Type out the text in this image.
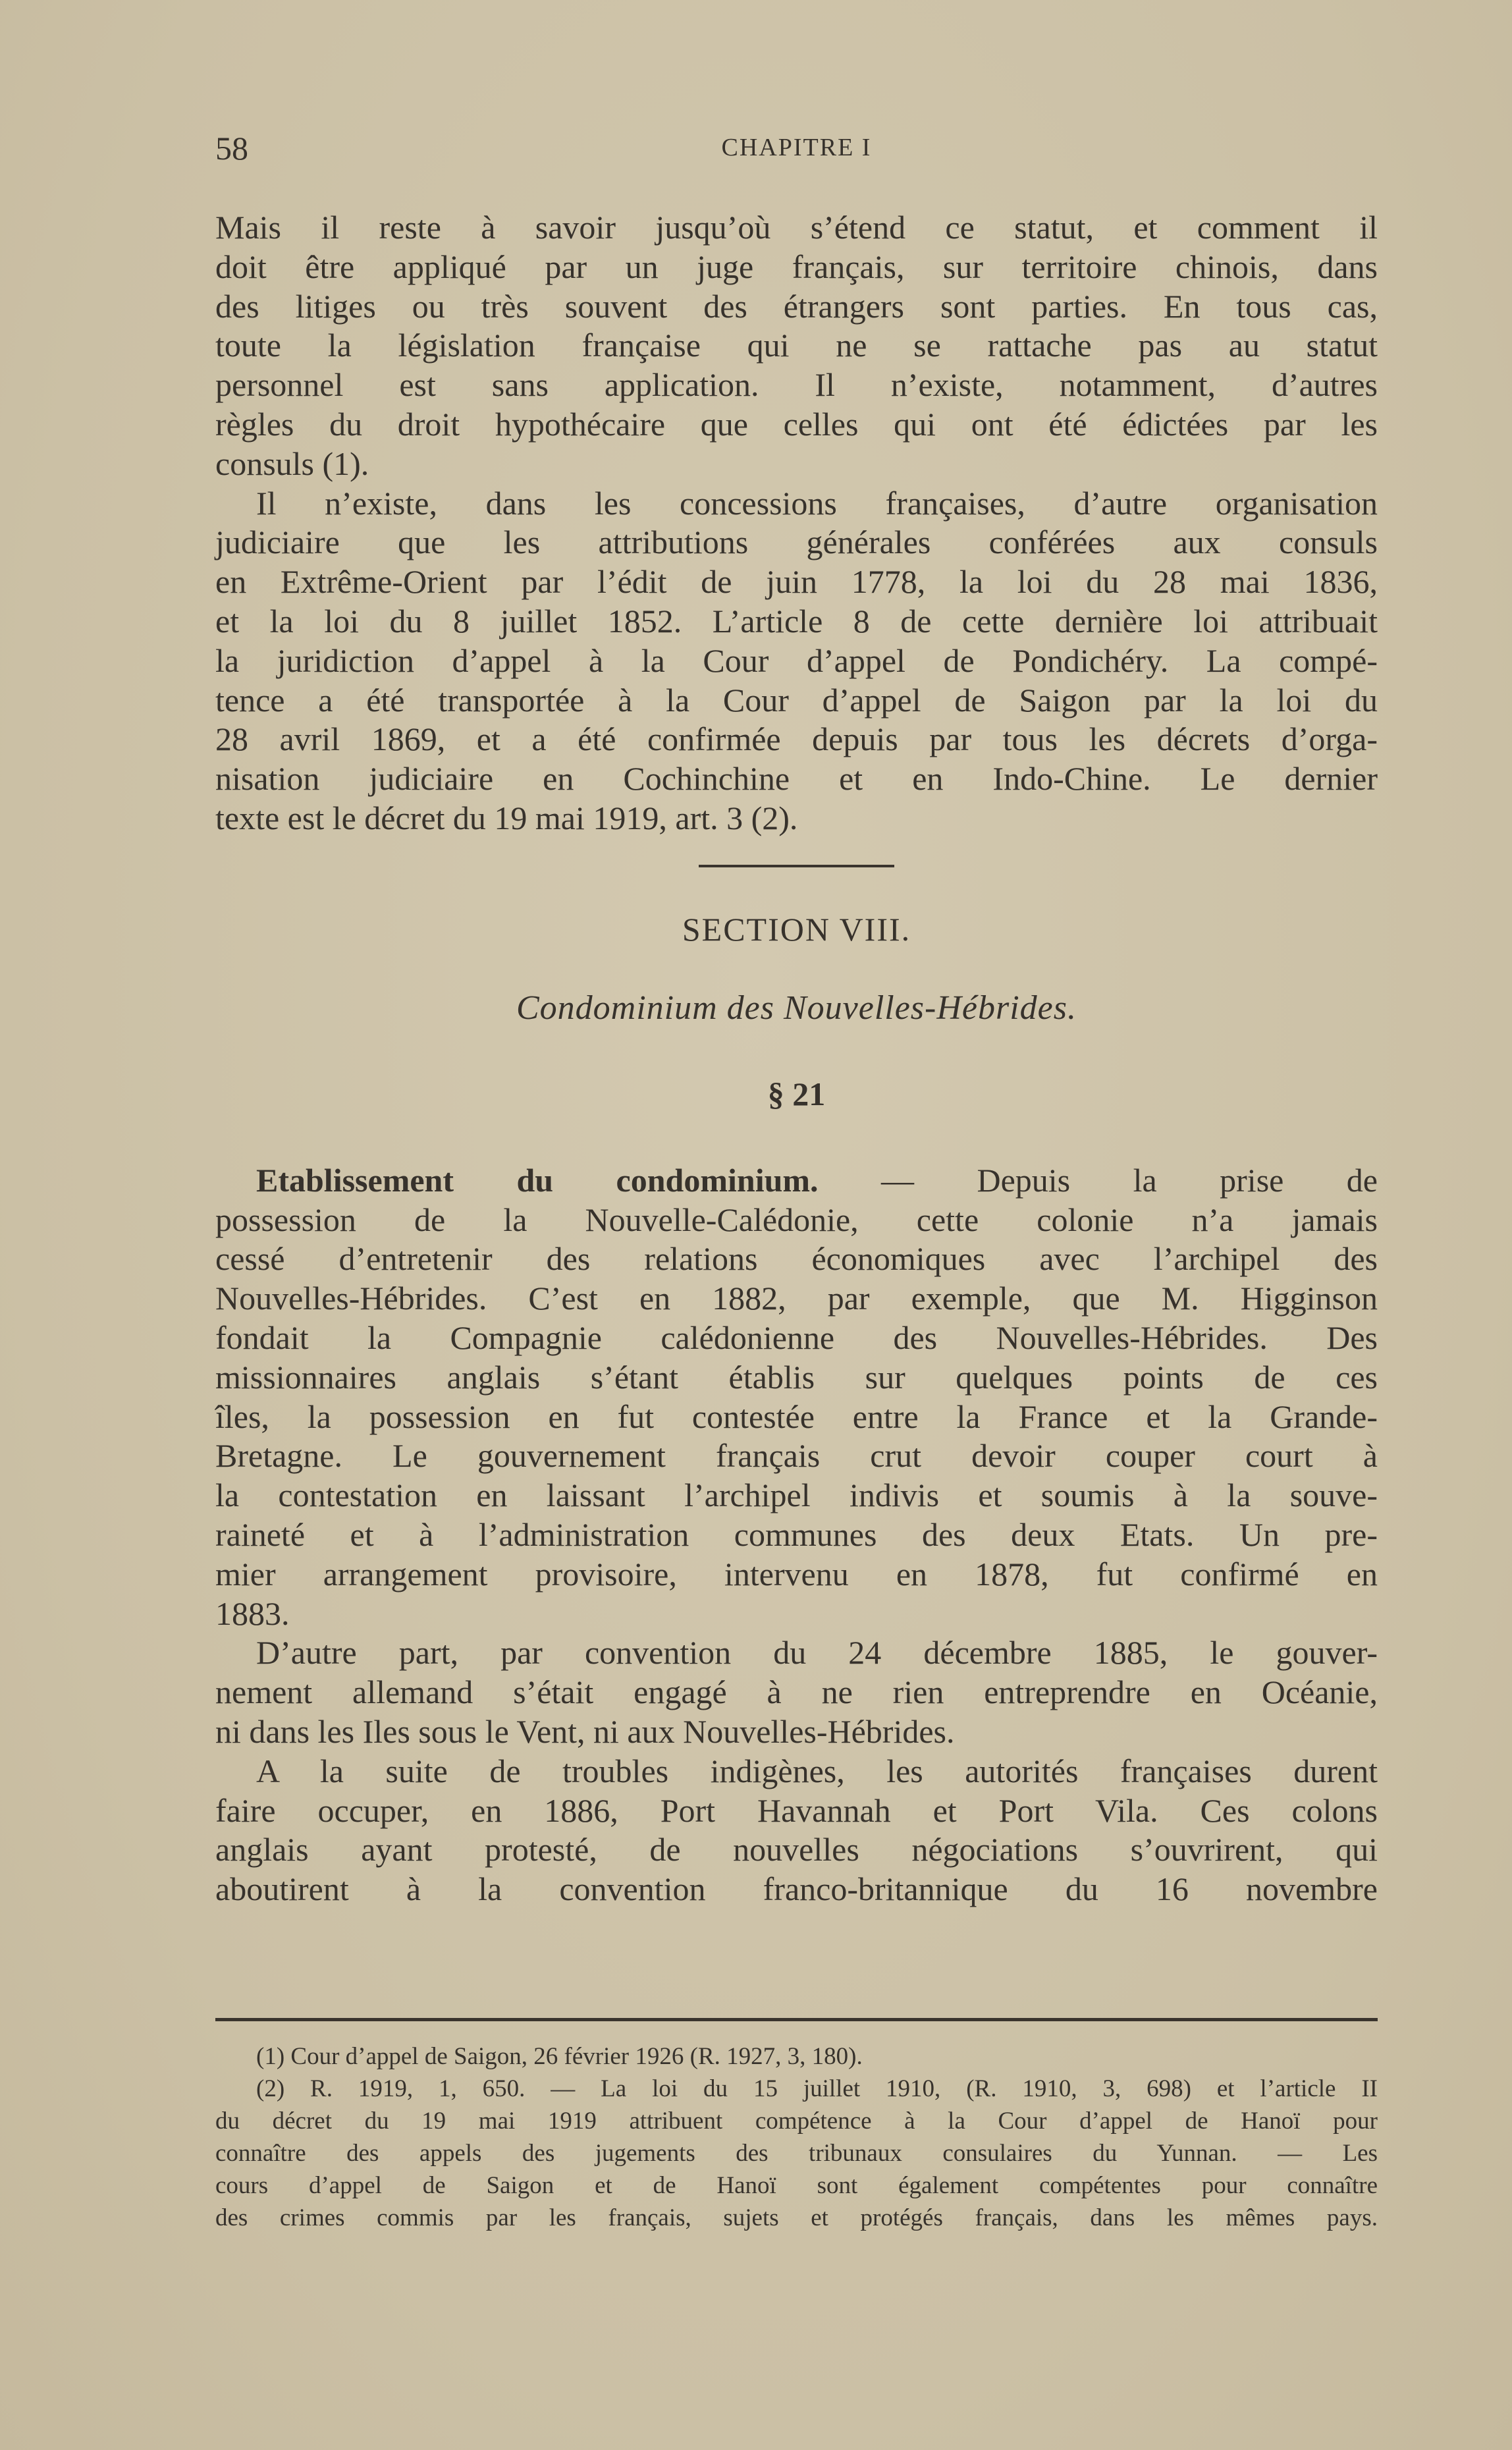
58	CHAPITRE I
Mais il reste à savoir jusqu’où s’étend ce statut, et comment il
doit être appliqué par un juge français, sur territoire chinois, dans
des litiges ou très souvent des étrangers sont parties. En tous cas,
toute la législation française qui ne se rattache pas au statut
personnel est sans application. Il n’existe, notamment, d’autres
règles du droit hypothécaire que celles qui ont été édictées par les
consuls (1).
Il n’existe, dans les concessions françaises, d’autre organisation
judiciaire que les attributions générales conférées aux consuls
en Extrême-Orient par l’édit de juin 1778, la loi du 28 mai 1836,
et la loi du 8 juillet 1852. L’article 8 de cette dernière loi attribuait
la juridiction d’appel à la Cour d’appel de Pondichéry. La compé-
tence a été transportée à la Cour d’appel de Saigon par la loi du
28 avril 1869, et a été confirmée depuis par tous les décrets d’orga-
nisation judiciaire en Cochinchine et en Indo-Chine. Le dernier
texte est le décret du 19 mai 1919, art. 3 (2).
SECTION VIII.
Condominium des Nouvelles-Hébrides.
§ 21
Etablissement du condominium. — Depuis la prise de
possession de la Nouvelle-Calédonie, cette colonie n’a jamais
cessé d’entretenir des relations économiques avec l’archipel des
Nouvelles-Hébrides. C’est en 1882, par exemple, que M. Higginson
fondait la Compagnie calédonienne des Nouvelles-Hébrides. Des
missionnaires anglais s’étant établis sur quelques points de ces
îles, la possession en fut contestée entre la France et la Grande-
Bretagne. Le gouvernement français crut devoir couper court à
la contestation en laissant l’archipel indivis et soumis à la souve-
raineté et à l’administration communes des deux Etats. Un pre-
mier arrangement provisoire, intervenu en 1878, fut confirmé en
1883.
D’autre part, par convention du 24 décembre 1885, le gouver-
nement allemand s’était engagé à ne rien entreprendre en Océanie,
ni dans les Iles sous le Vent, ni aux Nouvelles-Hébrides.
A la suite de troubles indigènes, les autorités françaises durent
faire occuper, en 1886, Port Havannah et Port Vila. Ces colons
anglais ayant protesté, de nouvelles négociations s’ouvrirent, qui
aboutirent à la convention franco-britannique du 16 novembre
(1) Cour d’appel de Saigon, 26 février 1926 (R. 1927, 3, 180).
(2) R. 1919, 1, 650. — La loi du 15 juillet 1910, (R. 1910, 3, 698) et l’article II
du décret du 19 mai 1919 attribuent compétence à la Cour d’appel de Hanoï pour
connaître des appels des jugements des tribunaux consulaires du Yunnan. — Les
cours d’appel de Saigon et de Hanoï sont également compétentes pour connaître
des crimes commis par les français, sujets et protégés français, dans les mêmes pays.
